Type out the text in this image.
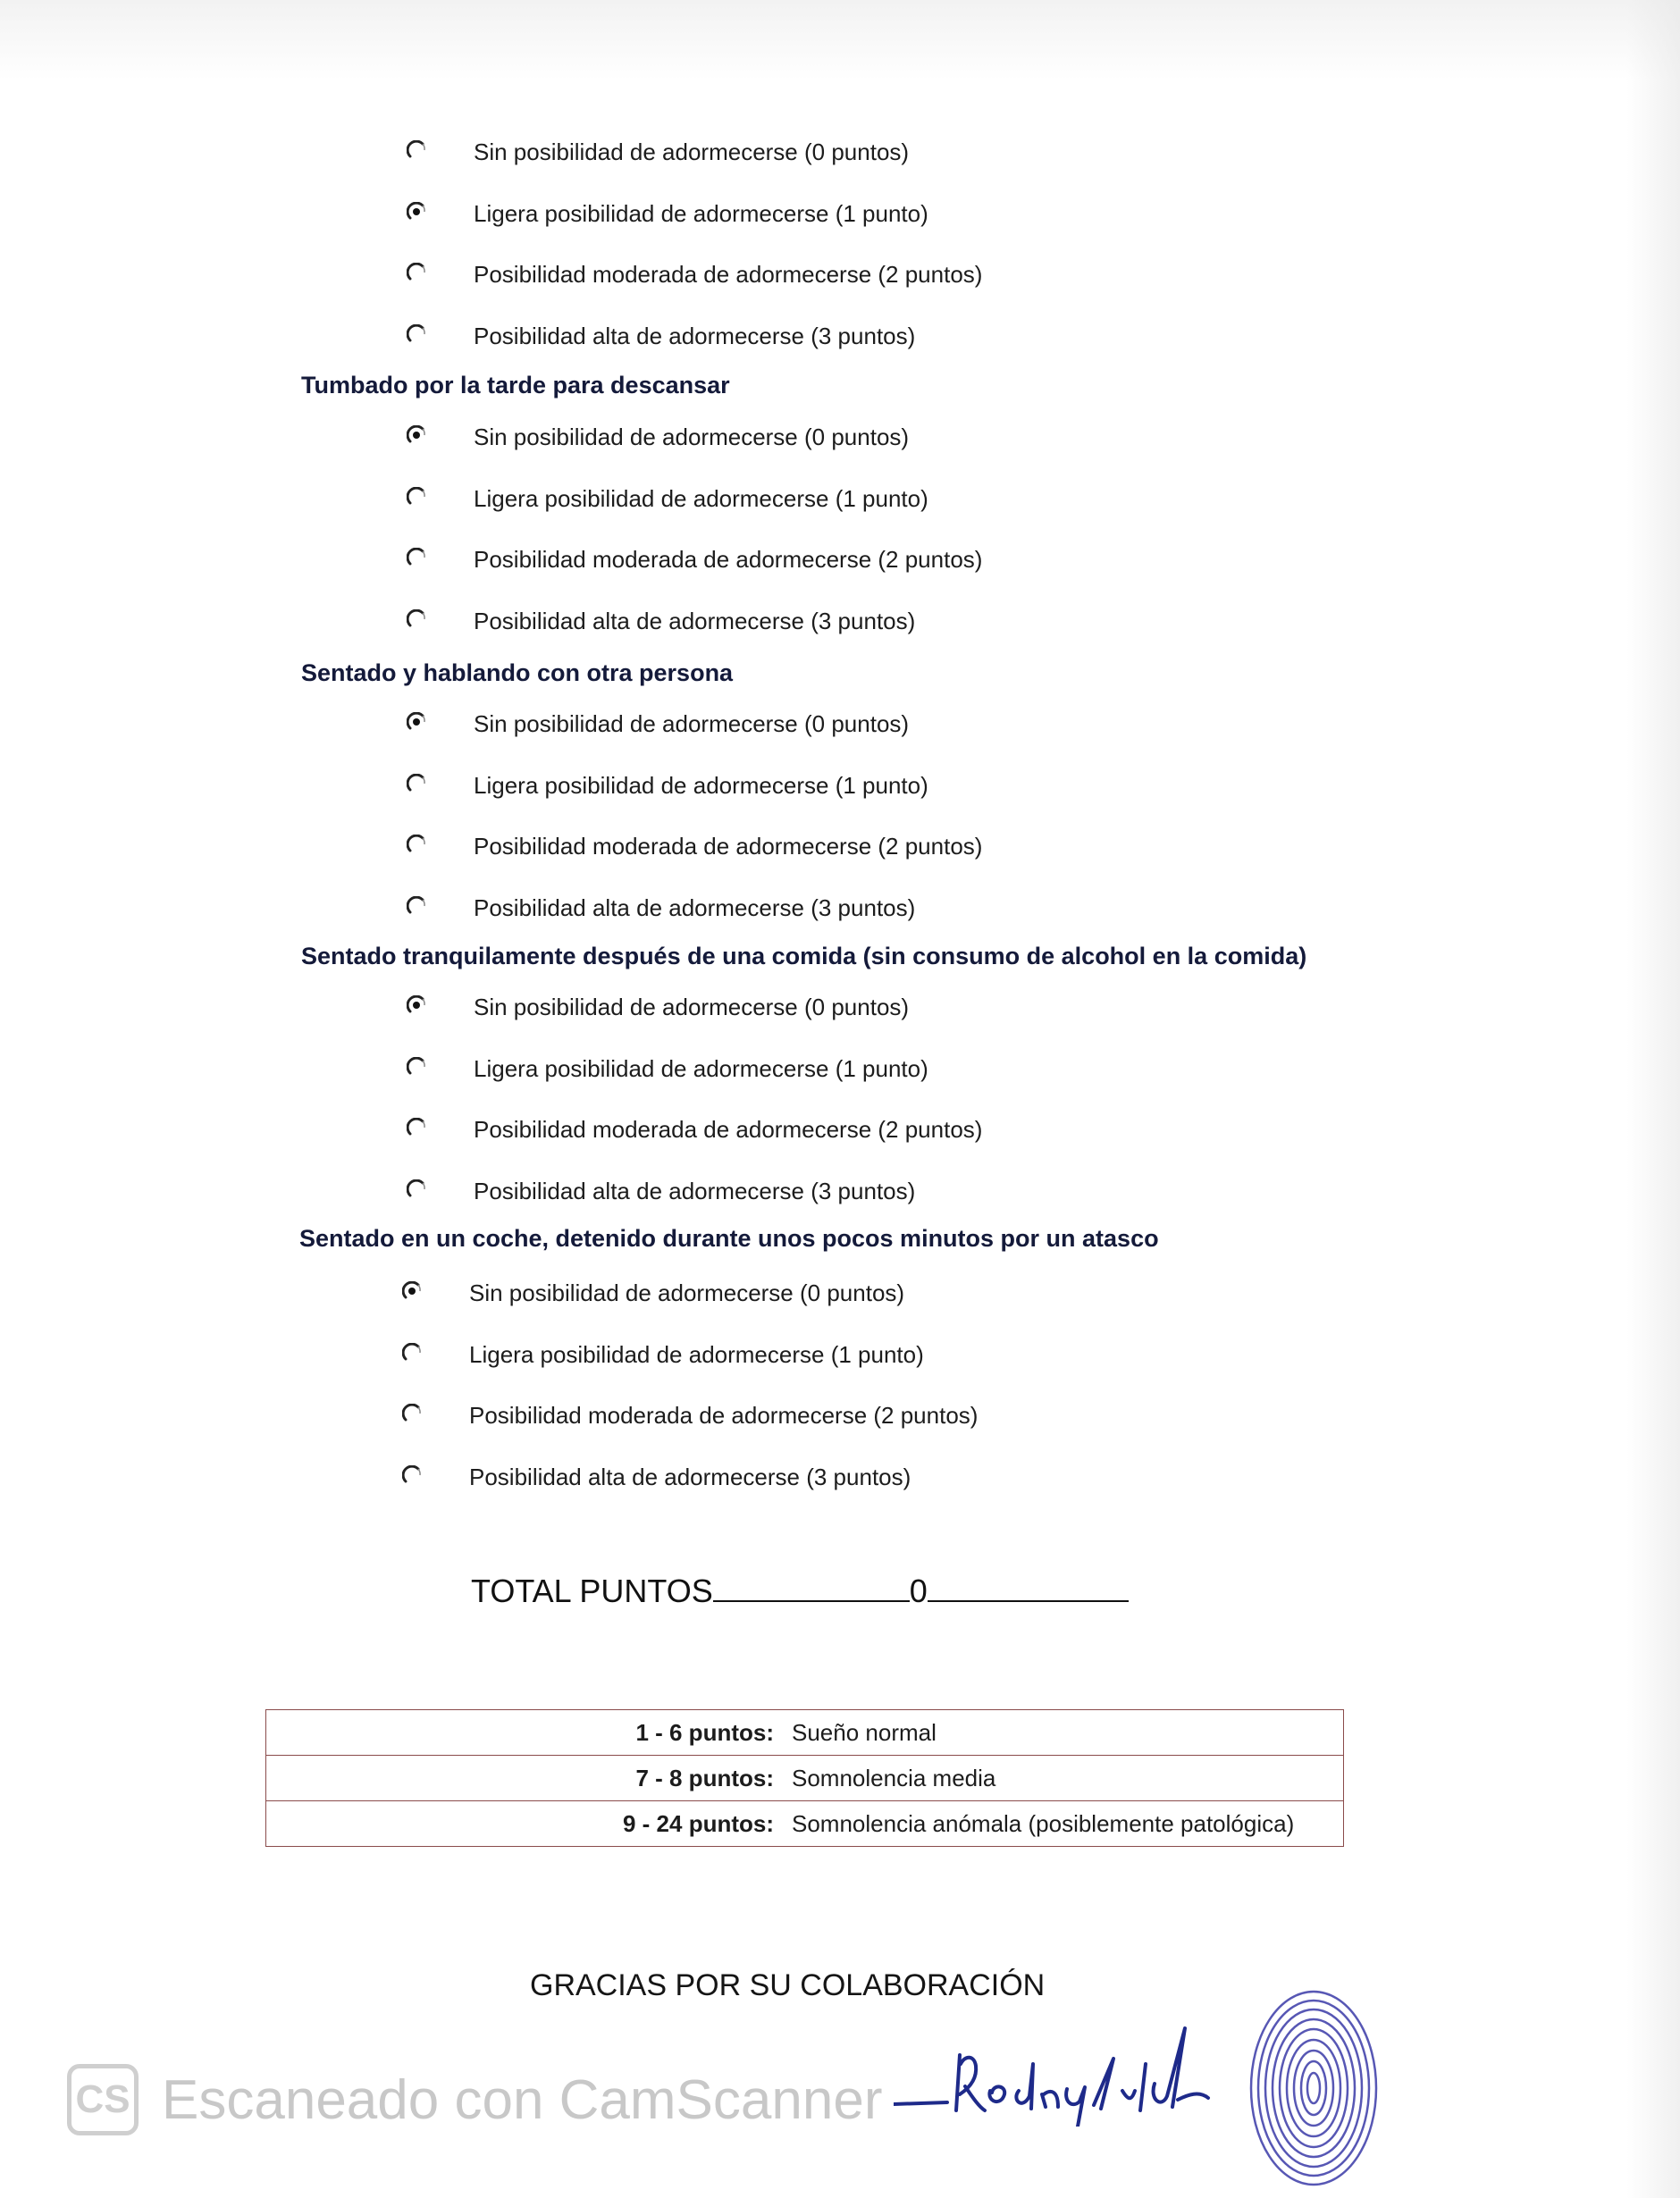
Sin posibilidad de adormecerse (0 puntos)
Ligera posibilidad de adormecerse (1 punto)
Posibilidad moderada de adormecerse (2 puntos)
Posibilidad alta de adormecerse (3 puntos)
Tumbado por la tarde para descansar
Sin posibilidad de adormecerse (0 puntos)
Ligera posibilidad de adormecerse (1 punto)
Posibilidad moderada de adormecerse (2 puntos)
Posibilidad alta de adormecerse (3 puntos)
Sentado y hablando con otra persona
Sin posibilidad de adormecerse (0 puntos)
Ligera posibilidad de adormecerse (1 punto)
Posibilidad moderada de adormecerse (2 puntos)
Posibilidad alta de adormecerse (3 puntos)
Sentado tranquilamente después de una comida (sin consumo de alcohol en la comida)
Sin posibilidad de adormecerse (0 puntos)
Ligera posibilidad de adormecerse (1 punto)
Posibilidad moderada de adormecerse (2 puntos)
Posibilidad alta de adormecerse (3 puntos)
Sentado en un coche, detenido durante unos pocos minutos por un atasco
Sin posibilidad de adormecerse (0 puntos)
Ligera posibilidad de adormecerse (1 punto)
Posibilidad moderada de adormecerse (2 puntos)
Posibilidad alta de adormecerse (3 puntos)
TOTAL PUNTOS	0
1 - 6 puntos:	Sueño normal
7 - 8 puntos:	Somnolencia media
9 - 24 puntos:	Somnolencia anómala (posiblemente patológica)
GRACIAS POR SU COLABORACIÓN
CS Escaneado con CamScanner
